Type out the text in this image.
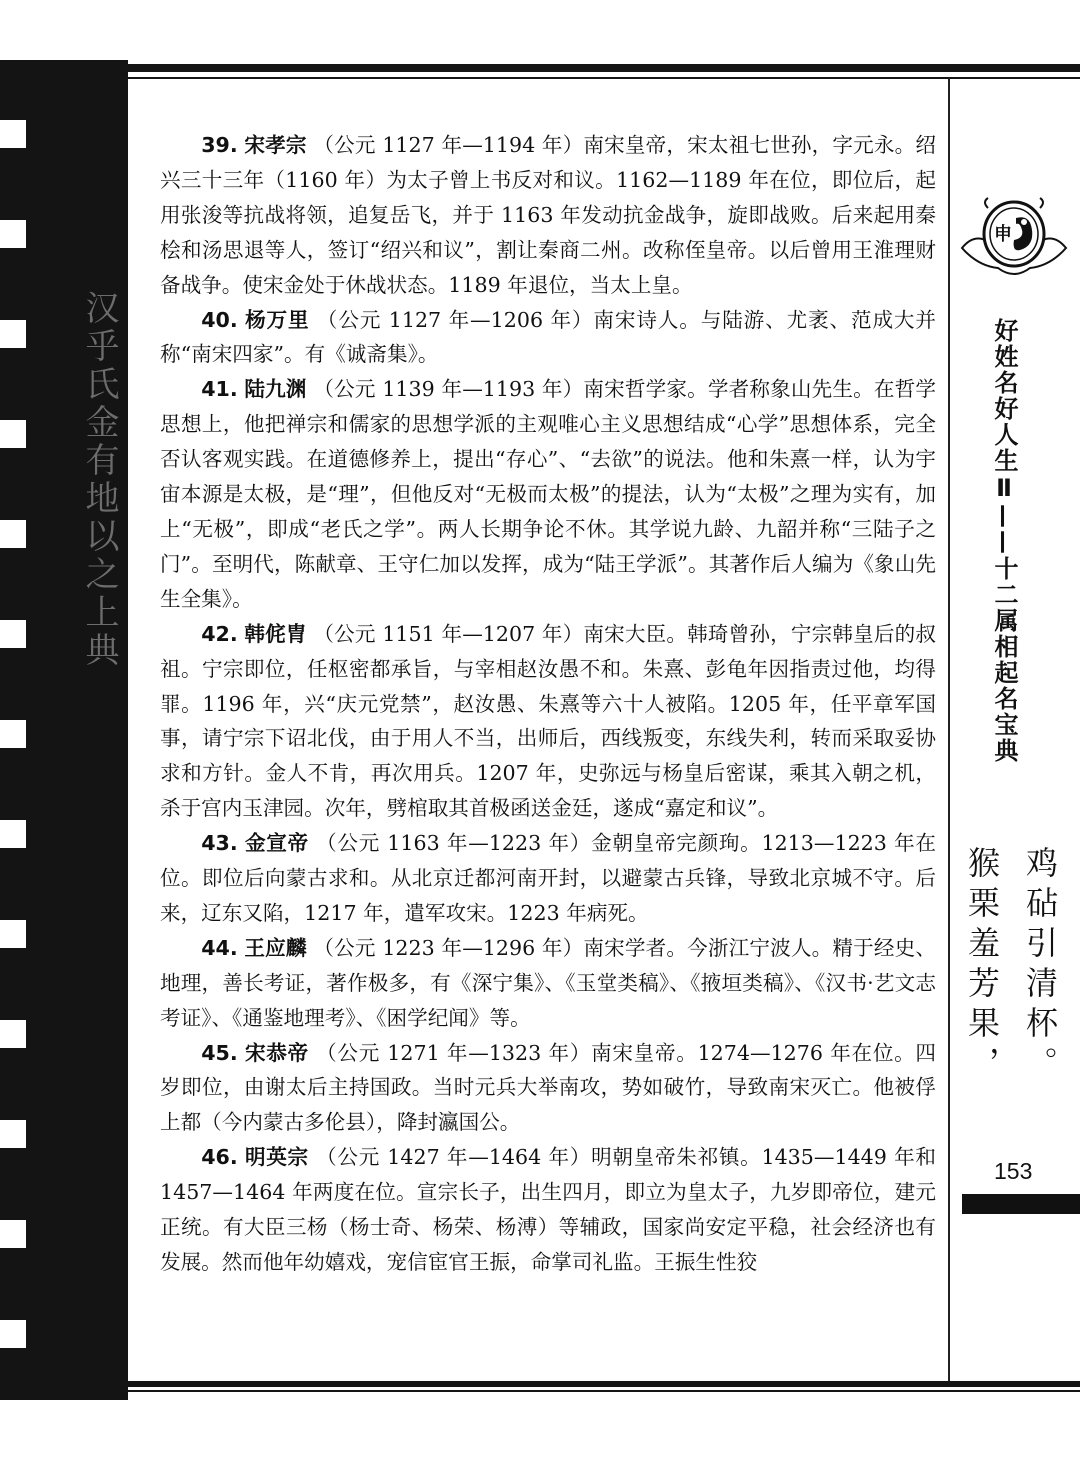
汉乎氏金有地以之上典

39. 宋孝宗 （公元 1127 年—1194 年）南宋皇帝，宋太祖七世孙，字元永。绍兴三十三年（1160 年）为太子曾上书反对和议。1162—1189 年在位，即位后，起用张浚等抗战将领，追复岳飞，并于 1163 年发动抗金战争，旋即战败。后来起用秦桧和汤思退等人，签订“绍兴和议”，割让秦商二州。改称侄皇帝。以后曾用王淮理财备战争。使宋金处于休战状态。1189 年退位，当太上皇。

40. 杨万里 （公元 1127 年—1206 年）南宋诗人。与陆游、尤袤、范成大并称“南宋四家”。有《诚斋集》。

41. 陆九渊 （公元 1139 年—1193 年）南宋哲学家。学者称象山先生。在哲学思想上，他把禅宗和儒家的思想学派的主观唯心主义思想结成“心学”思想体系，完全否认客观实践。在道德修养上，提出“存心”、“去欲”的说法。他和朱熹一样，认为宇宙本源是太极，是“理”，但他反对“无极而太极”的提法，认为“太极”之理为实有，加上“无极”，即成“老氏之学”。两人长期争论不休。其学说九龄、九韶并称“三陆子之门”。至明代，陈献章、王守仁加以发挥，成为“陆王学派”。其著作后人编为《象山先生全集》。

42. 韩侂胄 （公元 1151 年—1207 年）南宋大臣。韩琦曾孙，宁宗韩皇后的叔祖。宁宗即位，任枢密都承旨，与宰相赵汝愚不和。朱熹、彭龟年因指责过他，均得罪。1196 年，兴“庆元党禁”，赵汝愚、朱熹等六十人被陷。1205 年，任平章军国事，请宁宗下诏北伐，由于用人不当，出师后，西线叛变，东线失利，转而采取妥协求和方针。金人不肯，再次用兵。1207 年，史弥远与杨皇后密谋，乘其入朝之机，杀于宫内玉津园。次年，劈棺取其首极函送金廷，遂成“嘉定和议”。

43. 金宣帝 （公元 1163 年—1223 年）金朝皇帝完颜珣。1213—1223 年在位。即位后向蒙古求和。从北京迁都河南开封，以避蒙古兵锋，导致北京城不守。后来，辽东又陷，1217 年，遣军攻宋。1223 年病死。

44. 王应麟 （公元 1223 年—1296 年）南宋学者。今浙江宁波人。精于经史、地理，善长考证，著作极多，有《深宁集》、《玉堂类稿》、《掖垣类稿》、《汉书·艺文志考证》、《通鉴地理考》、《困学纪闻》等。

45. 宋恭帝 （公元 1271 年—1323 年）南宋皇帝。1274—1276 年在位。四岁即位，由谢太后主持国政。当时元兵大举南攻，势如破竹，导致南宋灭亡。他被俘上都（今内蒙古多伦县），降封瀛国公。

46. 明英宗 （公元 1427 年—1464 年）明朝皇帝朱祁镇。1435—1449 年和1457—1464 年两度在位。宣宗长子，出生四月，即立为皇太子，九岁即帝位，建元正统。有大臣三杨（杨士奇、杨荣、杨溥）等辅政，国家尚安定平稳，社会经济也有发展。然而他年幼嬉戏，宠信宦官王振，命掌司礼监。王振生性狡

申
好姓名好人生Ⅱ——十二属相起名宝典
鸡砧引清杯。
猴栗羞芳果，
153
